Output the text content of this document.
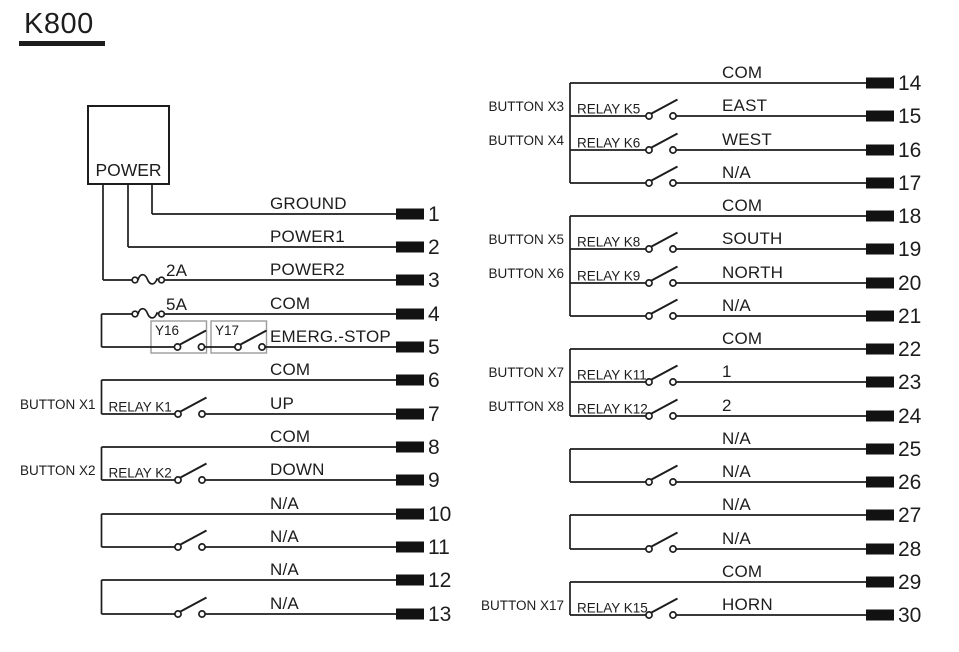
K800
POWER
Y16	Y17
1
GROUND
2
POWER1
3
POWER2
2A
4
COM
5A
5
EMERG.-STOP
6
COM
7
UP
RELAY K1
BUTTON X1
8
COM
9
DOWN
RELAY K2
BUTTON X2
10
N/A
11
N/A
12
N/A
13
N/A
14
COM
15
EAST
RELAY K5
BUTTON X3
16
WEST
RELAY K6
BUTTON X4
17
N/A
18
COM
19
SOUTH
RELAY K8
BUTTON X5
20
NORTH
RELAY K9
BUTTON X6
21
N/A
22
COM
23
1
RELAY K11
BUTTON X7
24
2
RELAY K12
BUTTON X8
25
N/A
26
N/A
27
N/A
28
N/A
29
COM
30
HORN
RELAY K15
BUTTON X17
